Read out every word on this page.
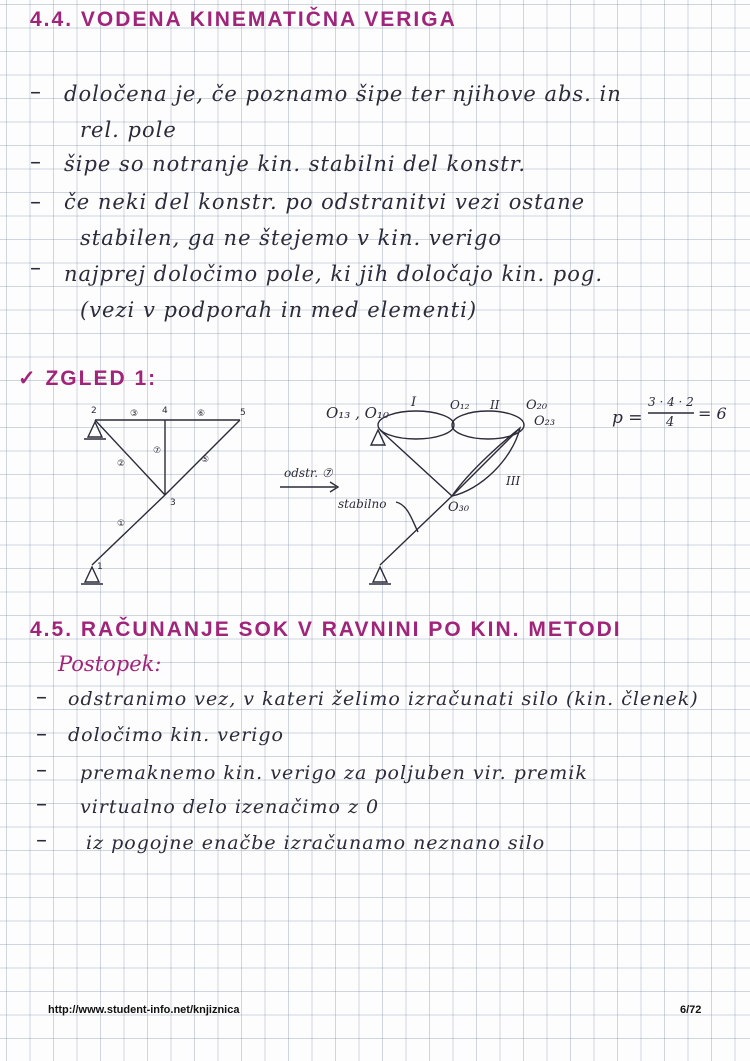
4.4. VODENA KINEMATIČNA VERIGA
– določena je, če poznamo šipe ter njihove abs. in
rel. pole
– šipe so notranje kin. stabilni del konstr.
– če neki del konstr. po odstranitvi vezi ostane
stabilen, ga ne štejemo v kin. verigo
– najprej določimo pole, ki jih določajo kin. pog.
(vezi v podporah in med elementi)
✓ ZGLED 1:
2	4	5
3
1
③	⑥
②
⑦
⑤
①
odstr. ⑦
O₁₃ , O₁₀	O₁₂	O₂₀
O₂₃
O₃₀
I	II
III
stabilno
p =
3 · 4 · 2
4 = 6
4.5. RAČUNANJE SOK V RAVNINI PO KIN. METODI
Postopek:
– odstranimo vez, v kateri želimo izračunati silo (kin. členek)
– določimo kin. verigo
– premaknemo kin. verigo za poljuben vir. premik
– virtualno delo izenačimo z 0
– iz pogojne enačbe izračunamo neznano silo
http://www.student-info.net/knjiznica	6/72
